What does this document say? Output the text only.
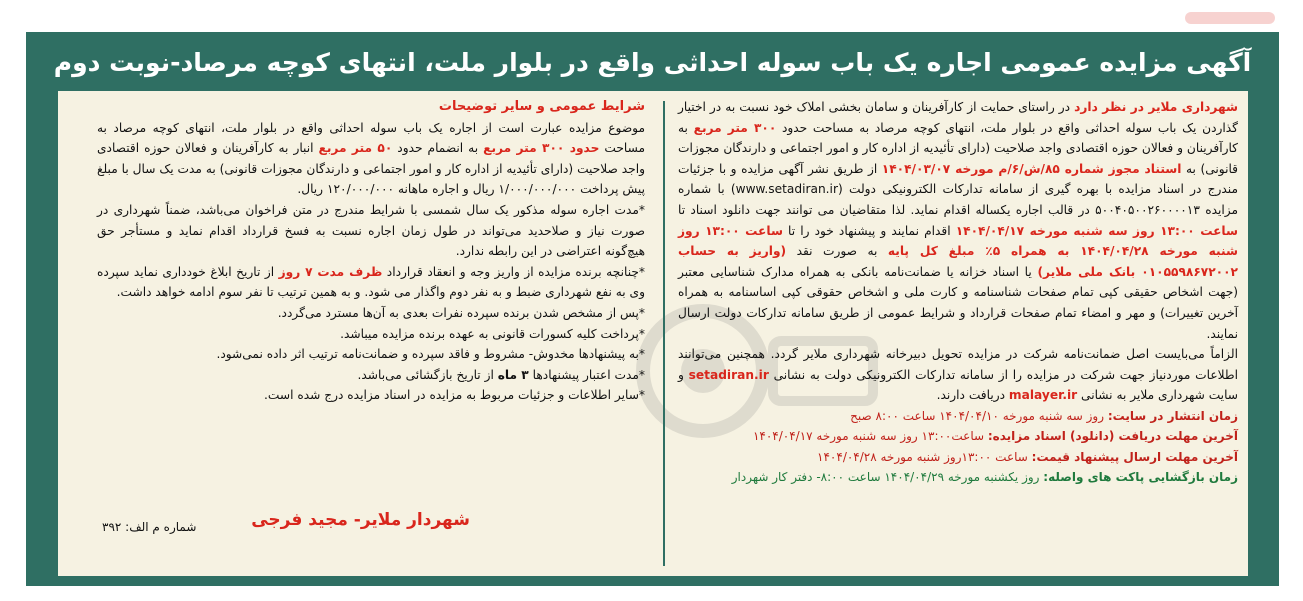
آگهی مزایده عمومی اجاره یک باب سوله احداثی واقع در بلوار ملت، انتهای کوچه مرصاد-نوبت دوم

شهرداری ملایر در نظر دارد در راستای حمایت از کارآفرینان و سامان بخشی املاک خود نسبت به در اختیار گذاردن یک باب سوله احداثی واقع در بلوار ملت، انتهای کوچه مرصاد به مساحت حدود ۳۰۰ متر مربع به کارآفرینان و فعالان حوزه اقتصادی واجد صلاحیت (دارای تأئیدیه از اداره کار و امور اجتماعی و دارندگان مجوزات قانونی) به استناد مجوز شماره ۸۵/ش/۶/م مورخه ۱۴۰۴/۰۳/۰۷ از طریق نشر آگهی مزایده و با جزئیات مندرج در اسناد مزایده با بهره گیری از سامانه تدارکات الکترونیکی دولت (www.setadiran.ir) با شماره مزایده ۵۰۰۴۰۵۰۰۲۶۰۰۰۰۱۳ در قالب اجاره یکساله اقدام نماید. لذا متقاضیان می توانند جهت دانلود اسناد تا ساعت ۱۳:۰۰ روز سه شنبه مورخه ۱۴۰۴/۰۴/۱۷ اقدام نمایند و پیشنهاد خود را تا ساعت ۱۳:۰۰ روز شنبه مورخه ۱۴۰۴/۰۴/۲۸ به همراه ۵٪ مبلغ کل پایه به صورت نقد (واریز به حساب ۰۱۰۵۵۹۸۶۷۲۰۰۲ بانک ملی ملایر) یا اسناد خزانه یا ضمانت‌نامه بانکی به همراه مدارک شناسایی معتبر (جهت اشخاص حقیقی کپی تمام صفحات شناسنامه و کارت ملی و اشخاص حقوقی کپی اساسنامه به همراه آخرین تغییرات) و مهر و امضاء تمام صفحات قرارداد و شرایط عمومی از طریق سامانه تدارکات دولت ارسال نمایند.

الزاماً می‌بایست اصل ضمانت‌نامه شرکت در مزایده تحویل دبیرخانه شهرداری ملایر گردد. همچنین می‌توانند اطلاعات موردنیاز جهت شرکت در مزایده را از سامانه تدارکات الکترونیکی دولت به نشانی setadiran.ir و سایت شهرداری ملایر به نشانی malayer.ir دریافت دارند.

زمان انتشار در سایت: روز سه شنبه مورخه ۱۴۰۴/۰۴/۱۰ ساعت ۸:۰۰ صبح

آخرین مهلت دریافت (دانلود) اسناد مزایده: ساعت۱۳:۰۰ روز سه شنبه مورخه ۱۴۰۴/۰۴/۱۷

آخرین مهلت ارسال پیشنهاد قیمت: ساعت ۱۳:۰۰روز شنبه مورخه ۱۴۰۴/۰۴/۲۸

زمان بازگشایی پاکت های واصله: روز یکشنبه مورخه ۱۴۰۴/۰۴/۲۹ ساعت ۸:۰۰- دفتر کار شهردار

شرایط عمومی و سایر توضیحات

موضوع مزایده عبارت است از اجاره یک باب سوله احداثی واقع در بلوار ملت، انتهای کوچه مرصاد به مساحت حدود ۳۰۰ متر مربع به انضمام حدود ۵۰ متر مربع انبار به کارآفرینان و فعالان حوزه اقتصادی واجد صلاحیت (دارای تأئیدیه از اداره کار و امور اجتماعی و دارندگان مجوزات قانونی) به مدت یک سال با مبلغ پیش پرداخت ۱/۰۰۰/۰۰۰/۰۰۰ ریال و اجاره ماهانه ۱۲۰/۰۰۰/۰۰۰ ریال.

*مدت اجاره سوله مذکور یک سال شمسی با شرایط مندرج در متن فراخوان می‌باشد، ضمناً شهرداری در صورت نیاز و صلاحدید می‌تواند در طول زمان اجاره نسبت به فسخ قرارداد اقدام نماید و مستأجر حق هیچ‌گونه اعتراضی در این رابطه ندارد.

*چنانچه برنده مزایده از واریز وجه و انعقاد قرارداد ظرف مدت ۷ روز از تاریخ ابلاغ خودداری نماید سپرده وی به نفع شهرداری ضبط و به نفر دوم واگذار می شود. و به همین ترتیب تا نفر سوم ادامه خواهد داشت.

*پس از مشخص شدن برنده سپرده نفرات بعدی به آن‌ها مسترد می‌گردد.

*پرداخت کلیه کسورات قانونی به عهده برنده مزایده میباشد.

*به پیشنهادها مخدوش- مشروط و فاقد سپرده و ضمانت‌نامه ترتیب اثر داده نمی‌شود.

*مدت اعتبار پیشنهادها ۳ ماه از تاریخ بازگشائی می‌باشد.

*سایر اطلاعات و جزئیات مربوط به مزایده در اسناد مزایده درج شده است.

شهردار ملایر- مجید فرجی
شماره م الف: ۳۹۲
